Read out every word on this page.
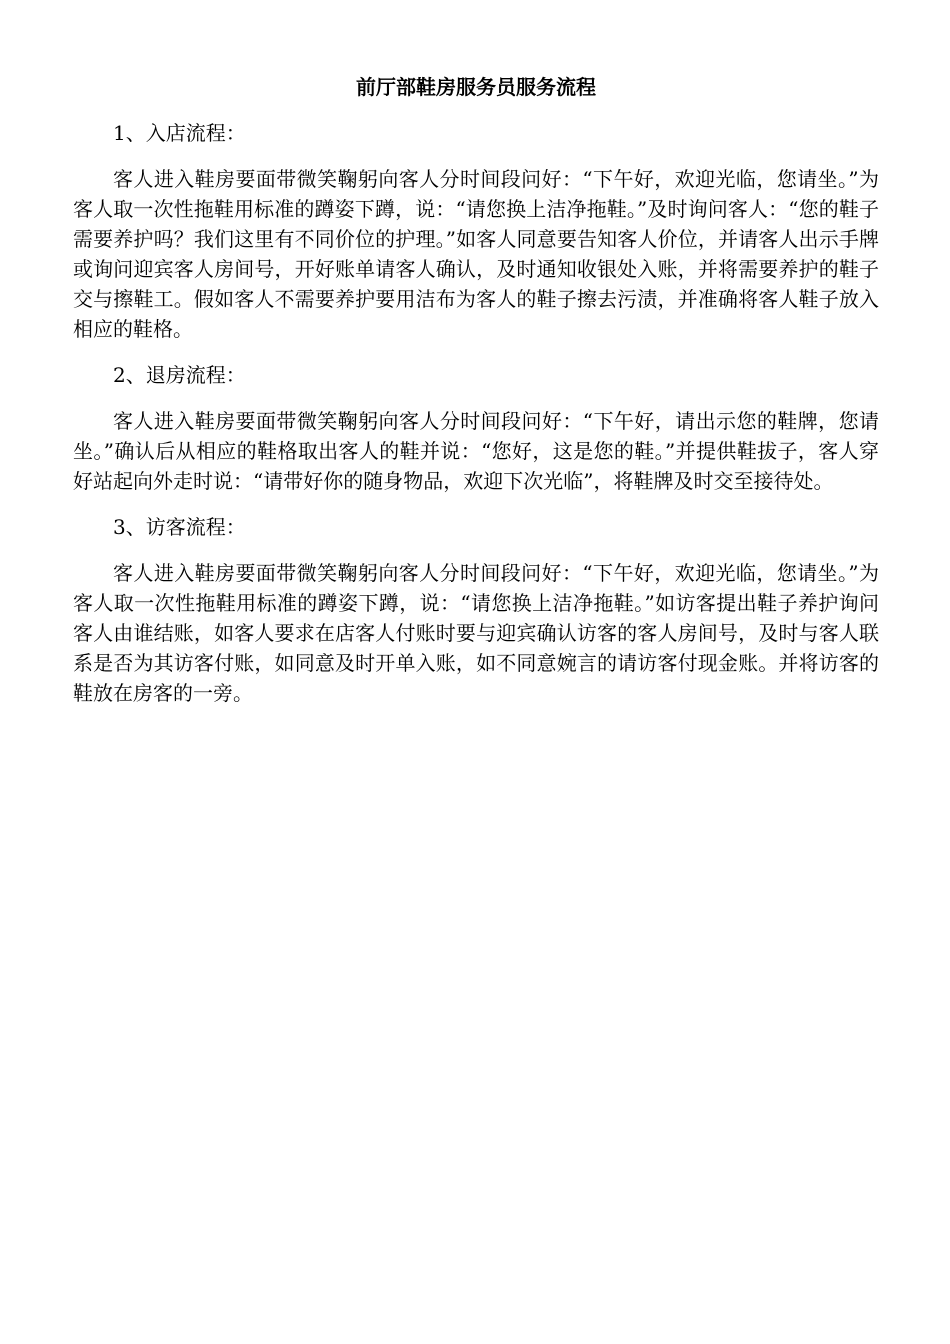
前厅部鞋房服务员服务流程
1、入店流程：
客人进入鞋房要面带微笑鞠躬向客人分时间段问好：“下午好，欢迎光临，您请坐。”为客人取一次性拖鞋用标准的蹲姿下蹲，说：“请您换上洁净拖鞋。”及时询问客人：“您的鞋子需要养护吗？我们这里有不同价位的护理。”如客人同意要告知客人价位，并请客人出示手牌或询问迎宾客人房间号，开好账单请客人确认，及时通知收银处入账，并将需要养护的鞋子交与擦鞋工。假如客人不需要养护要用洁布为客人的鞋子擦去污渍，并准确将客人鞋子放入相应的鞋格。
2、退房流程：
客人进入鞋房要面带微笑鞠躬向客人分时间段问好：“下午好，请出示您的鞋牌，您请坐。”确认后从相应的鞋格取出客人的鞋并说：“您好，这是您的鞋。”并提供鞋拔子，客人穿好站起向外走时说：“请带好你的随身物品，欢迎下次光临”，将鞋牌及时交至接待处。
3、访客流程：
客人进入鞋房要面带微笑鞠躬向客人分时间段问好：“下午好，欢迎光临，您请坐。”为客人取一次性拖鞋用标准的蹲姿下蹲，说：“请您换上洁净拖鞋。”如访客提出鞋子养护询问客人由谁结账，如客人要求在店客人付账时要与迎宾确认访客的客人房间号，及时与客人联系是否为其访客付账，如同意及时开单入账，如不同意婉言的请访客付现金账。并将访客的鞋放在房客的一旁。
